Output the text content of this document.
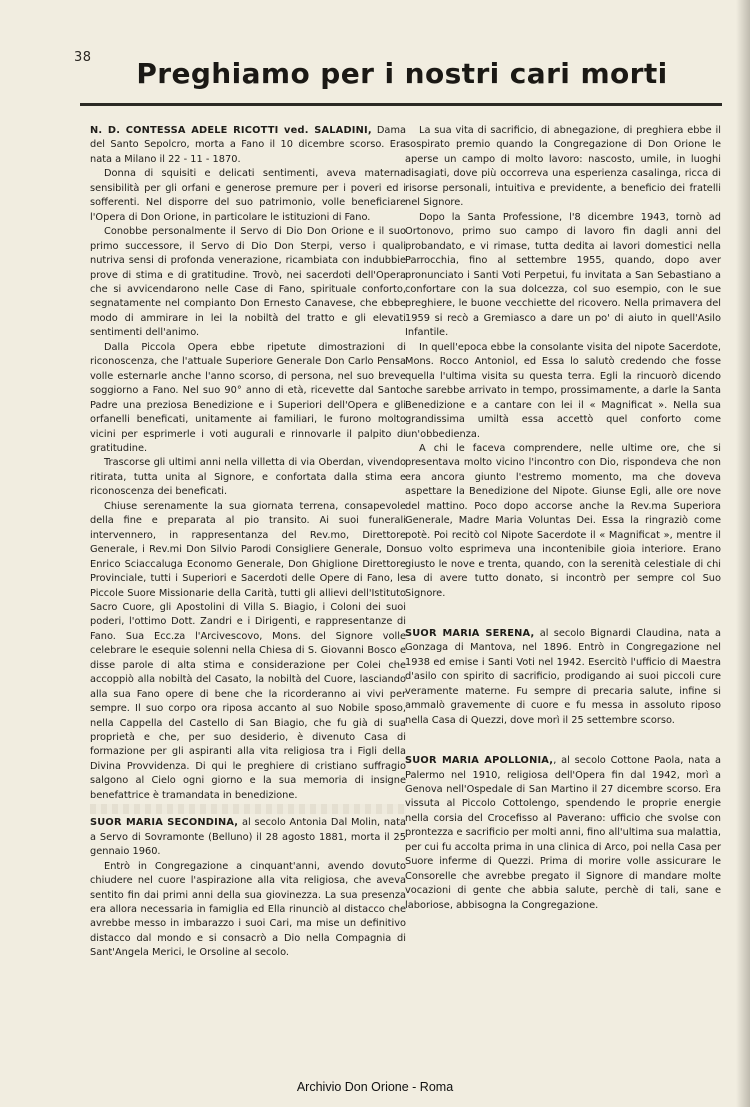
38	Preghiamo per i nostri cari morti

N. D. CONTESSA ADELE RICOTTI ved. SALADINI, Dama del Santo Sepolcro, morta a Fano il 10 dicembre scorso. Era nata a Milano il 22 - 11 - 1870.

Donna di squisiti e delicati sentimenti, aveva materna sensibilità per gli orfani e generose premure per i poveri ed i sofferenti. Nel disporre del suo patrimonio, volle beneficiare l'Opera di Don Orione, in particolare le istituzioni di Fano.

Conobbe personalmente il Servo di Dio Don Orione e il suo primo successore, il Servo di Dio Don Sterpi, verso i quali nutriva sensi di profonda venerazione, ricambiata con indubbie prove di stima e di gratitudine. Trovò, nei sacerdoti dell'Opera che si avvicendarono nelle Case di Fano, spirituale conforto, segnatamente nel compianto Don Ernesto Canavese, che ebbe modo di ammirare in lei la nobiltà del tratto e gli elevati sentimenti dell'animo.

Dalla Piccola Opera ebbe ripetute dimostrazioni di riconoscenza, che l'attuale Superiore Generale Don Carlo Pensa volle esternarle anche l'anno scorso, di persona, nel suo breve soggiorno a Fano. Nel suo 90° anno di età, ricevette dal Santo Padre una preziosa Benedizione e i Superiori dell'Opera e gli orfanelli beneficati, unitamente ai familiari, le furono molto vicini per esprimerle i voti augurali e rinnovarle il palpito di gratitudine.

Trascorse gli ultimi anni nella villetta di via Oberdan, vivendo ritirata, tutta unita al Signore, e confortata dalla stima e riconoscenza dei beneficati.

Chiuse serenamente la sua giornata terrena, consapevole della fine e preparata al pio transito. Ai suoi funerali intervennero, in rappresentanza del Rev.mo, Direttore Generale, i Rev.mi Don Silvio Parodi Consigliere Generale, Don Enrico Sciaccaluga Economo Generale, Don Ghiglione Direttore Provinciale, tutti i Superiori e Sacerdoti delle Opere di Fano, le Piccole Suore Missionarie della Carità, tutti gli allievi dell'Istituto Sacro Cuore, gli Apostolini di Villa S. Biagio, i Coloni dei suoi poderi, l'ottimo Dott. Zandri e i Dirigenti, e rappresentanze di Fano. Sua Ecc.za l'Arcivescovo, Mons. del Signore volle celebrare le esequie solenni nella Chiesa di S. Giovanni Bosco e disse parole di alta stima e considerazione per Colei che accoppiò alla nobiltà del Casato, la nobiltà del Cuore, lasciando alla sua Fano opere di bene che la ricorderanno ai vivi per sempre. Il suo corpo ora riposa accanto al suo Nobile sposo, nella Cappella del Castello di San Biagio, che fu già di sua proprietà e che, per suo desiderio, è divenuto Casa di formazione per gli aspiranti alla vita religiosa tra i Figli della Divina Provvidenza. Di qui le preghiere di cristiano suffragio salgono al Cielo ogni giorno e la sua memoria di insigne benefattrice è tramandata in benedizione.

SUOR MARIA SECONDINA, al secolo Antonia Dal Molin, nata a Servo di Sovramonte (Belluno) il 28 agosto 1881, morta il 25 gennaio 1960.

Entrò in Congregazione a cinquant'anni, avendo dovuto chiudere nel cuore l'aspirazione alla vita religiosa, che aveva sentito fin dai primi anni della sua giovinezza. La sua presenza era allora necessaria in famiglia ed Ella rinunciò al distacco che avrebbe messo in imbarazzo i suoi Cari, ma mise un definitivo distacco dal mondo e si consacrò a Dio nella Compagnia di Sant'Angela Merici, le Orsoline al secolo.

La sua vita di sacrificio, di abnegazione, di preghiera ebbe il sospirato premio quando la Congregazione di Don Orione le aperse un campo di molto lavoro: nascosto, umile, in luoghi disagiati, dove più occorreva una esperienza casalinga, ricca di risorse personali, intuitiva e previdente, a beneficio dei fratelli nel Signore.

Dopo la Santa Professione, l'8 dicembre 1943, tornò ad Ortonovo, primo suo campo di lavoro fin dagli anni del probandato, e vi rimase, tutta dedita ai lavori domestici nella Parrocchia, fino al settembre 1955, quando, dopo aver pronunciato i Santi Voti Perpetui, fu invitata a San Sebastiano a confortare con la sua dolcezza, col suo esempio, con le sue preghiere, le buone vecchiette del ricovero. Nella primavera del 1959 si recò a Gremiasco a dare un po' di aiuto in quell'Asilo Infantile.

In quell'epoca ebbe la consolante visita del nipote Sacerdote, Mons. Rocco Antoniol, ed Essa lo salutò credendo che fosse quella l'ultima visita su questa terra. Egli la rincuorò dicendo che sarebbe arrivato in tempo, prossimamente, a darle la Santa Benedizione e a cantare con lei il « Magnificat ». Nella sua grandissima umiltà essa accettò quel conforto come un'obbedienza.

A chi le faceva comprendere, nelle ultime ore, che si presentava molto vicino l'incontro con Dio, rispondeva che non era ancora giunto l'estremo momento, ma che doveva aspettare la Benedizione del Nipote. Giunse Egli, alle ore nove del mattino. Poco dopo accorse anche la Rev.ma Superiora Generale, Madre Maria Voluntas Dei. Essa la ringraziò come potè. Poi recitò col Nipote Sacerdote il « Magnificat », mentre il suo volto esprimeva una incontenibile gioia interiore. Erano giusto le nove e trenta, quando, con la serenità celestiale di chi sa di avere tutto donato, si incontrò per sempre col Suo Signore.

SUOR MARIA SERENA, al secolo Bignardi Claudina, nata a Gonzaga di Mantova, nel 1896. Entrò in Congregazione nel 1938 ed emise i Santi Voti nel 1942. Esercitò l'ufficio di Maestra d'asilo con spirito di sacrificio, prodigando ai suoi piccoli cure veramente materne. Fu sempre di precaria salute, infine si ammalò gravemente di cuore e fu messa in assoluto riposo nella Casa di Quezzi, dove morì il 25 settembre scorso.

SUOR MARIA APOLLONIA,, al secolo Cottone Paola, nata a Palermo nel 1910, religiosa dell'Opera fin dal 1942, morì a Genova nell'Ospedale di San Martino il 27 dicembre scorso. Era vissuta al Piccolo Cottolengo, spendendo le proprie energie nella corsia del Crocefisso al Paverano: ufficio che svolse con prontezza e sacrificio per molti anni, fino all'ultima sua malattia, per cui fu accolta prima in una clinica di Arco, poi nella Casa per Suore inferme di Quezzi. Prima di morire volle assicurare le Consorelle che avrebbe pregato il Signore di mandare molte vocazioni di gente che abbia salute, perchè di tali, sane e laboriose, abbisogna la Congregazione.

Archivio Don Orione - Roma
